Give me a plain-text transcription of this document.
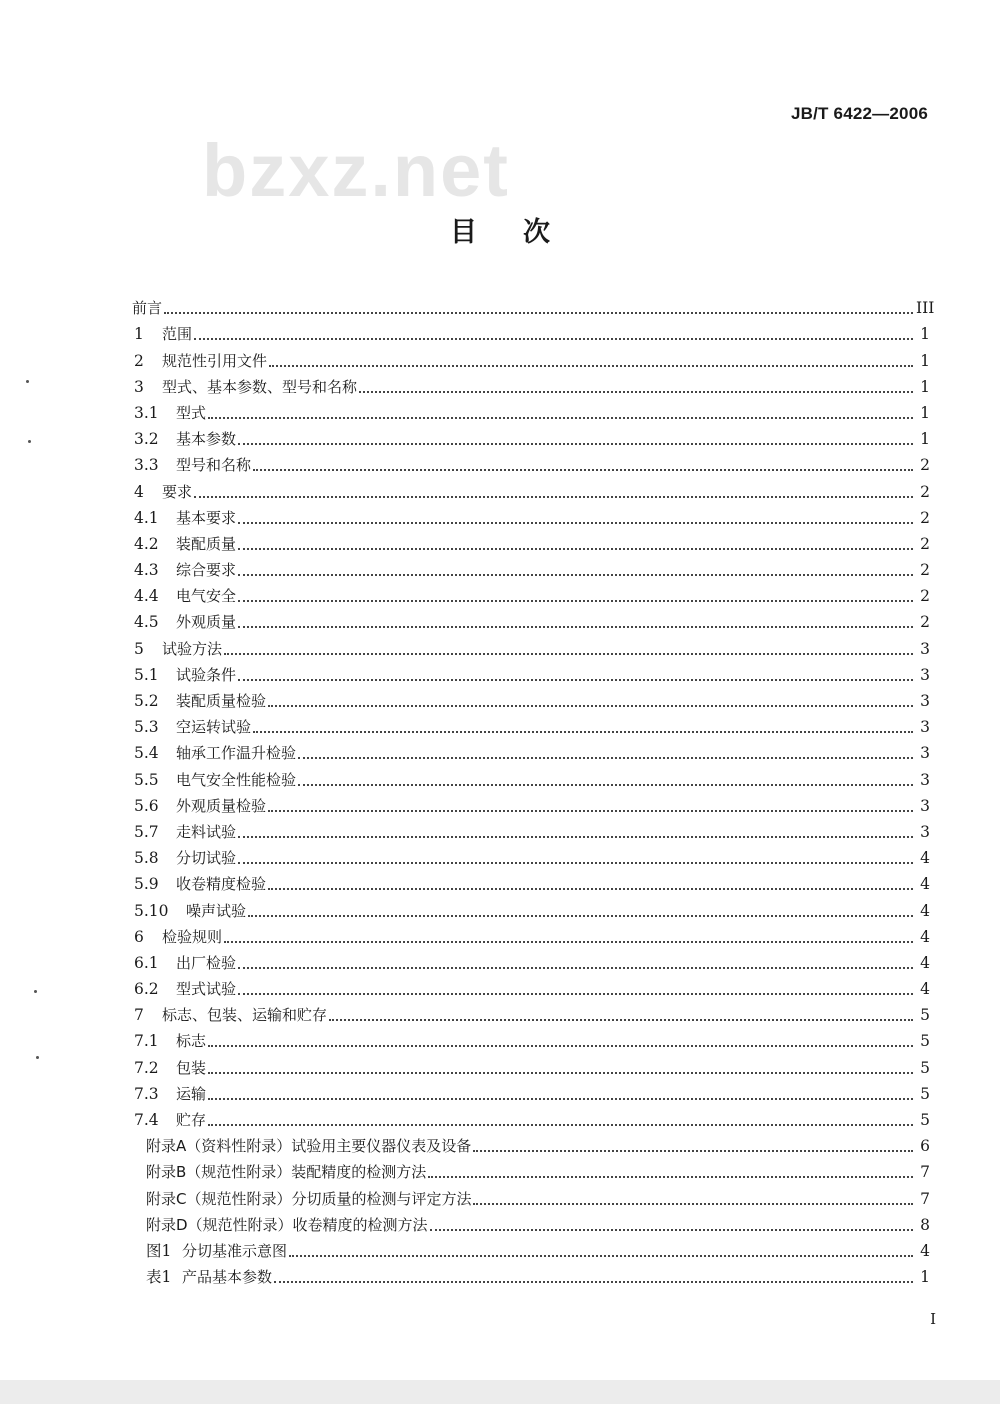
bzxz.net
JB/T 6422—2006
目次
前言	III
1	范围	1
2	规范性引用文件	1
3	型式、基本参数、型号和名称	1
3.1	型式	1
3.2	基本参数	1
3.3	型号和名称	2
4	要求	2
4.1	基本要求	2
4.2	装配质量	2
4.3	综合要求	2
4.4	电气安全	2
4.5	外观质量	2
5	试验方法	3
5.1	试验条件	3
5.2	装配质量检验	3
5.3	空运转试验	3
5.4	轴承工作温升检验	3
5.5	电气安全性能检验	3
5.6	外观质量检验	3
5.7	走料试验	3
5.8	分切试验	4
5.9	收卷精度检验	4
5.10	噪声试验	4
6	检验规则	4
6.1	出厂检验	4
6.2	型式试验	4
7	标志、包装、运输和贮存	5
7.1	标志	5
7.2	包装	5
7.3	运输	5
7.4	贮存	5
附录A（资料性附录）试验用主要仪器仪表及设备	6
附录B（规范性附录）装配精度的检测方法	7
附录C（规范性附录）分切质量的检测与评定方法	7
附录D（规范性附录）收卷精度的检测方法	8
图1 分切基准示意图	4
表1 产品基本参数	1
I
